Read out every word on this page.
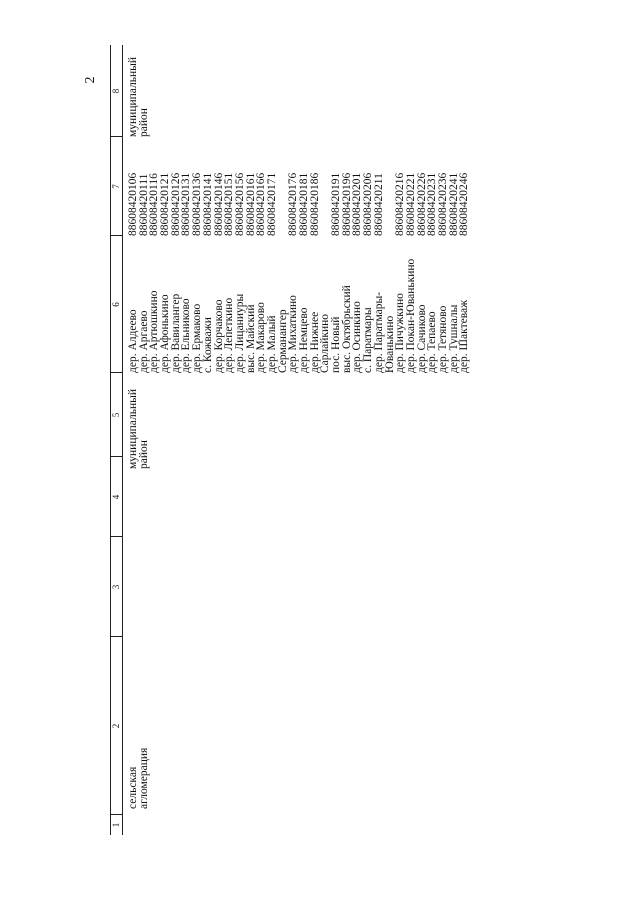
2
1
2
3
4
5
6
7
8
сельская
агломерация
муниципальный
район
дер. Алдеево
дер. Аргаево
дер. Артюшкино
дер. Афонькино
дер. Вавилангер
дер. Ельниково
дер. Ермаково
с. Кожважи
дер. Корчаково
дер. Лепеткино
дер. Лицаниуры
выс. Майский
дер. Макарово
дер. Малый
Серманангер
дер. Михаткино
дер. Немцево
дер. Нижнее
Сарлайкино
пос. Новый
выс. Октябрьский
дер. Осинкино
с. Паратмары
дер. Паратмары-
Юванькино
дер. Пичужкино
дер. Покан-Юванькино
дер. Сачиково
дер. Тепаево
дер. Тетяново
дер. Тушналы
дер. Шактеваж
88608420106
88608420111
88608420116
88608420121
88608420126
88608420131
88608420136
88608420141
88608420146
88608420151
88608420156
88608420161
88608420166
88608420171 88608420176
88608420181
88608420186 88608420191
88608420196
88608420201
88608420206
88608420211 88608420216
88608420221
88608420226
88608420231
88608420236
88608420241
88608420246
муниципальный
район
